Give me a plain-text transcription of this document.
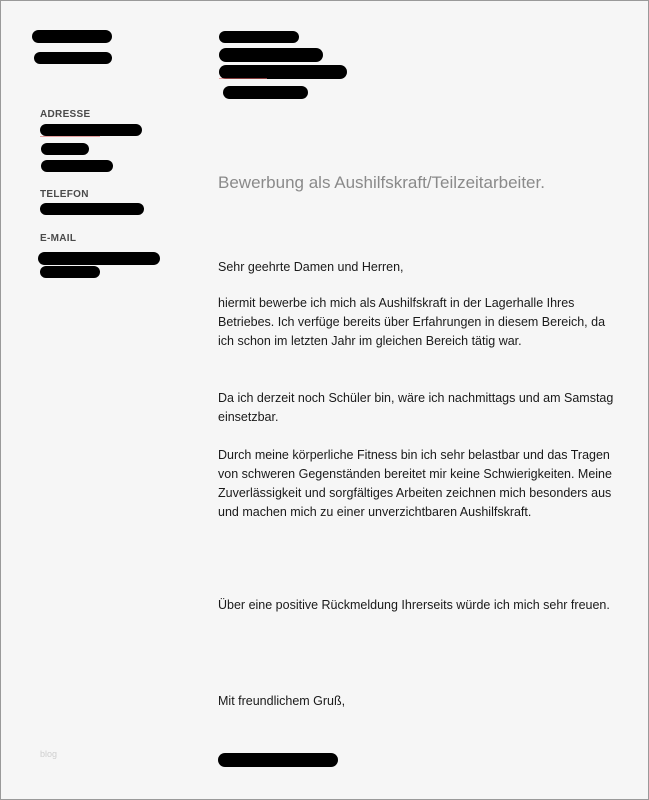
ADRESSE
TELEFON
E-MAIL
Bewerbung als Aushilfskraft/Teilzeitarbeiter.
Sehr geehrte Damen und Herren,
hiermit bewerbe ich mich als Aushilfskraft in der Lagerhalle Ihres Betriebes. Ich verfüge bereits über Erfahrungen in diesem Bereich, da ich schon im letzten Jahr im gleichen Bereich tätig war.
Da ich derzeit noch Schüler bin, wäre ich nachmittags und am Samstag einsetzbar.
Durch meine körperliche Fitness bin ich sehr belastbar und das Tragen von schweren Gegenständen bereitet mir keine Schwierigkeiten. Meine Zuverlässigkeit und sorgfältiges Arbeiten zeichnen mich besonders aus und machen mich zu einer unverzichtbaren Aushilfskraft.
Über eine positive Rückmeldung Ihrerseits würde ich mich sehr freuen.
Mit freundlichem Gruß,
blog
